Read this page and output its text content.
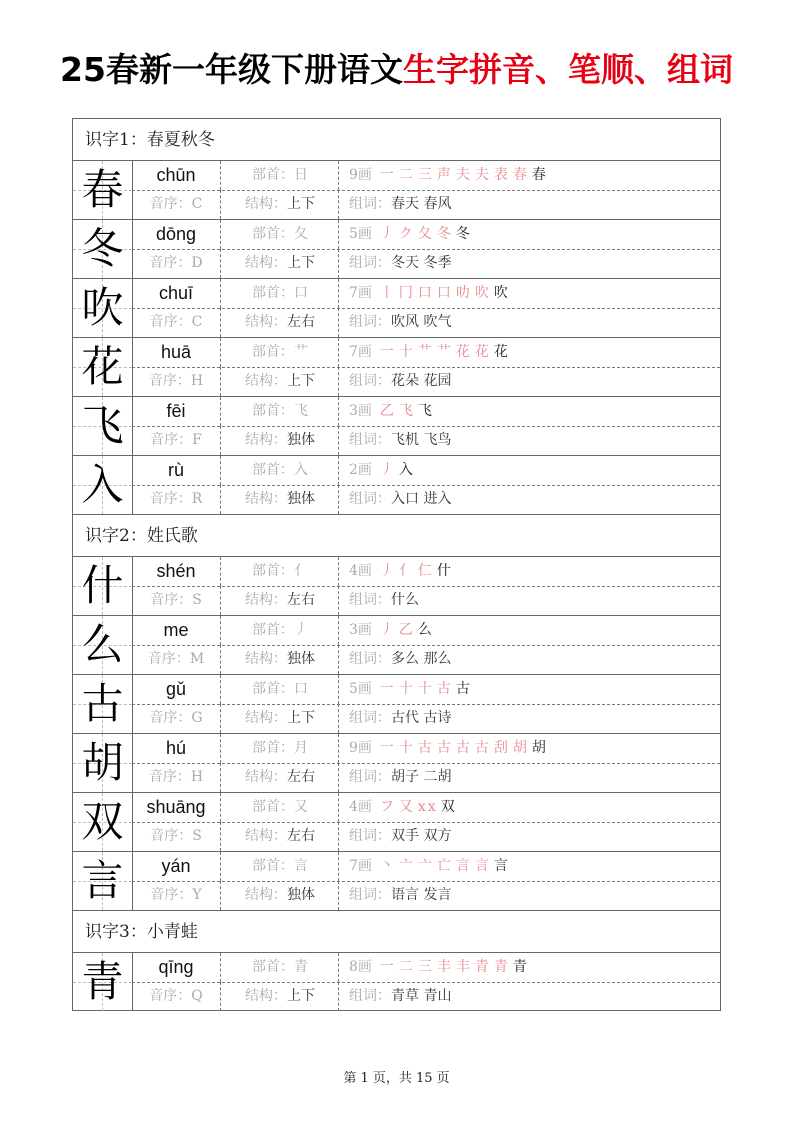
25春新一年级下册语文生字拼音、笔顺、组词
识字1：春夏秋冬
春	chūn	部首：日	9画 一 二 三 声 夫 夫 表 春 春
音序：C	结构：上下	组词：春天 春风
冬	dōng	部首：夂	5画 丿 ク 夂 冬 冬
音序：D	结构：上下	组词：冬天 冬季
吹	chuī	部首：口	7画 丨 冂 口 口 叻 吹 吹
音序：C	结构：左右	组词：吹风 吹气
花	huā	部首：艹	7画 一 十 艹 艹 花 花 花
音序：H	结构：上下	组词：花朵 花园
飞	fēi	部首：飞	3画 乙 飞 飞
音序：F	结构：独体	组词：飞机 飞鸟
入	rù	部首：入	2画 丿 入
音序：R	结构：独体	组词：入口 进入
识字2：姓氏歌
什	shén	部首：亻	4画 丿 亻 仁 什
音序：S	结构：左右	组词：什么
么	me	部首：丿	3画 丿 乙 么
音序：M	结构：独体	组词：多么 那么
古	gǔ	部首：口	5画 一 十 十 古 古
音序：G	结构：上下	组词：古代 古诗
胡	hú	部首：月	9画 一 十 古 古 古 古 刮 胡 胡
音序：H	结构：左右	组词：胡子 二胡
双	shuāng	部首：又	4画 フ 又 xx 双
音序：S	结构：左右	组词：双手 双方
言	yán	部首：言	7画 丶 亠 亠 亡 言 言 言
音序：Y	结构：独体	组词：语言 发言
识字3：小青蛙
青	qīng	部首：青	8画 一 二 三 丰 丰 青 青 青
音序：Q	结构：上下	组词：青草 青山
第 1 页，共 15 页
